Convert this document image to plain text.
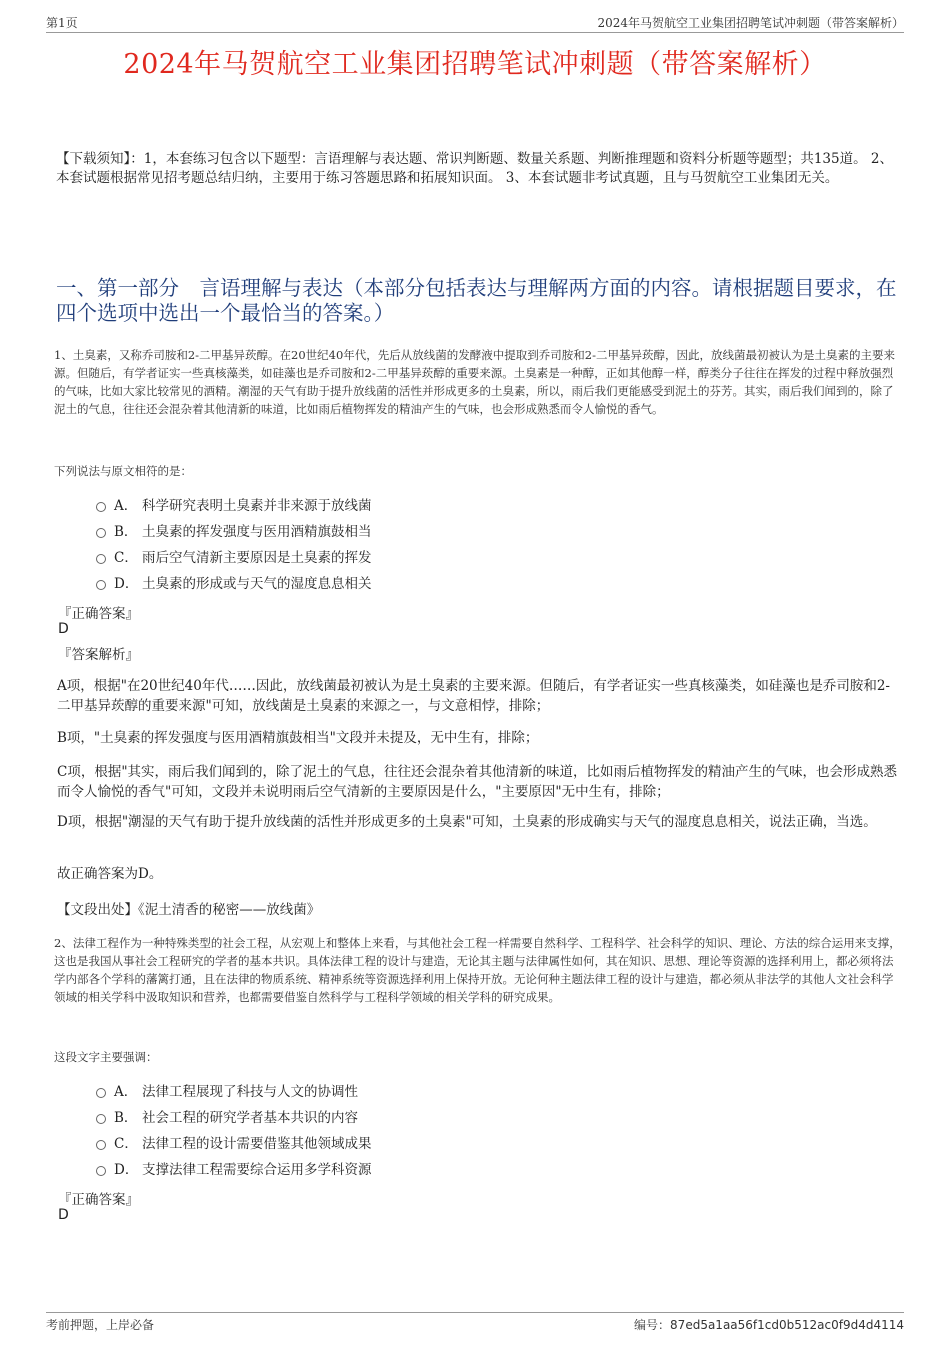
第1页	2024年马贺航空工业集团招聘笔试冲刺题（带答案解析）
2024年马贺航空工业集团招聘笔试冲刺题（带答案解析）
【下载须知】：1，本套练习包含以下题型：言语理解与表达题、常识判断题、数量关系题、判断推理题和资料分析题等题型；共135道。 2、本套试题根据常见招考题总结归纳，主要用于练习答题思路和拓展知识面。 3、本套试题非考试真题，且与马贺航空工业集团无关。
一、第一部分　言语理解与表达（本部分包括表达与理解两方面的内容。请根据题目要求，在四个选项中选出一个最恰当的答案。）
1、土臭素，又称乔司胺和2-二甲基异莰醇。在20世纪40年代，先后从放线菌的发酵液中提取到乔司胺和2-二甲基异莰醇，因此，放线菌最初被认为是土臭素的主要来源。但随后，有学者证实一些真核藻类，如硅藻也是乔司胺和2-二甲基异莰醇的重要来源。土臭素是一种醇，正如其他醇一样，醇类分子往往在挥发的过程中释放强烈的气味，比如大家比较常见的酒精。潮湿的天气有助于提升放线菌的活性并形成更多的土臭素，所以，雨后我们更能感受到泥土的芬芳。其实，雨后我们闻到的，除了泥土的气息，往往还会混杂着其他清新的味道，比如雨后植物挥发的精油产生的气味，也会形成熟悉而令人愉悦的香气。
下列说法与原文相符的是：
A． 科学研究表明土臭素并非来源于放线菌
B． 土臭素的挥发强度与医用酒精旗鼓相当
C． 雨后空气清新主要原因是土臭素的挥发
D． 土臭素的形成或与天气的湿度息息相关
『正确答案』
D
『答案解析』
A项，根据"在20世纪40年代……因此，放线菌最初被认为是土臭素的主要来源。但随后，有学者证实一些真核藻类，如硅藻也是乔司胺和2-二甲基异莰醇的重要来源"可知，放线菌是土臭素的来源之一，与文意相悖，排除；
B项，"土臭素的挥发强度与医用酒精旗鼓相当"文段并未提及，无中生有，排除；
C项，根据"其实，雨后我们闻到的，除了泥土的气息，往往还会混杂着其他清新的味道，比如雨后植物挥发的精油产生的气味，也会形成熟悉而令人愉悦的香气"可知，文段并未说明雨后空气清新的主要原因是什么，"主要原因"无中生有，排除；
D项，根据"潮湿的天气有助于提升放线菌的活性并形成更多的土臭素"可知，土臭素的形成确实与天气的湿度息息相关，说法正确，当选。
故正确答案为D。
【文段出处】《泥土清香的秘密——放线菌》
2、法律工程作为一种特殊类型的社会工程，从宏观上和整体上来看，与其他社会工程一样需要自然科学、工程科学、社会科学的知识、理论、方法的综合运用来支撑，这也是我国从事社会工程研究的学者的基本共识。具体法律工程的设计与建造，无论其主题与法律属性如何，其在知识、思想、理论等资源的选择利用上，都必须将法学内部各个学科的藩篱打通，且在法律的物质系统、精神系统等资源选择利用上保持开放。无论何种主题法律工程的设计与建造，都必须从非法学的其他人文社会科学领域的相关学科中汲取知识和营养，也都需要借鉴自然科学与工程科学领域的相关学科的研究成果。
这段文字主要强调：
A． 法律工程展现了科技与人文的协调性
B． 社会工程的研究学者基本共识的内容
C． 法律工程的设计需要借鉴其他领域成果
D． 支撑法律工程需要综合运用多学科资源
『正确答案』
D
考前押题，上岸必备	编号：87ed5a1aa56f1cd0b512ac0f9d4d4114
